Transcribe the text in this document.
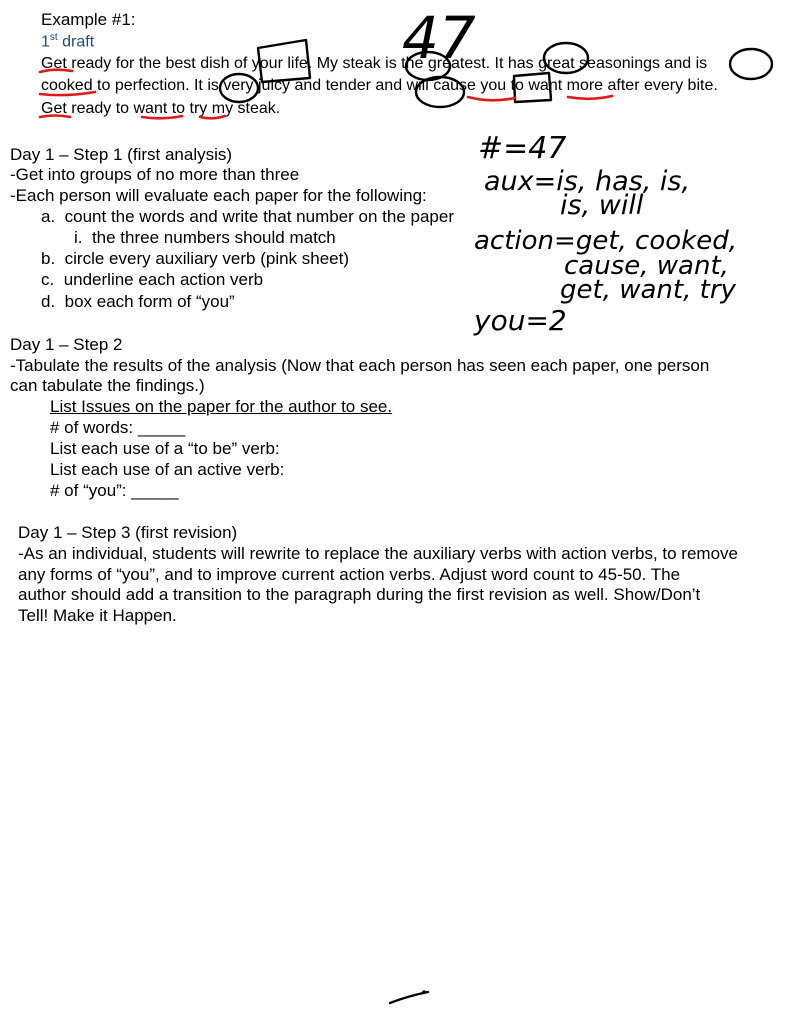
Example #1:
1st draft
Get ready for the best dish of your life. My steak is the greatest. It has great seasonings and is
cooked to perfection. It is very juicy and tender and will cause you to want more after every bite.
Get ready to want to try my steak.
Day 1 – Step 1 (first analysis)
-Get into groups of no more than three
-Each person will evaluate each paper for the following:
a. count the words and write that number on the paper
i. the three numbers should match
b. circle every auxiliary verb (pink sheet)
c. underline each action verb
d. box each form of “you”
Day 1 – Step 2
-Tabulate the results of the analysis (Now that each person has seen each paper, one person
can tabulate the findings.)
List Issues on the paper for the author to see.
# of words: _____
List each use of a “to be” verb:
List each use of an active verb:
# of “you”: _____
Day 1 – Step 3 (first revision)
-As an individual, students will rewrite to replace the auxiliary verbs with action verbs, to remove
any forms of “you”, and to improve current action verbs. Adjust word count to 45-50. The
author should add a transition to the paragraph during the first revision as well. Show/Don’t
Tell! Make it Happen.
47
#=47
aux=is, has, is,
is, will
action=get, cooked,
cause, want,
get, want, try
you=2
